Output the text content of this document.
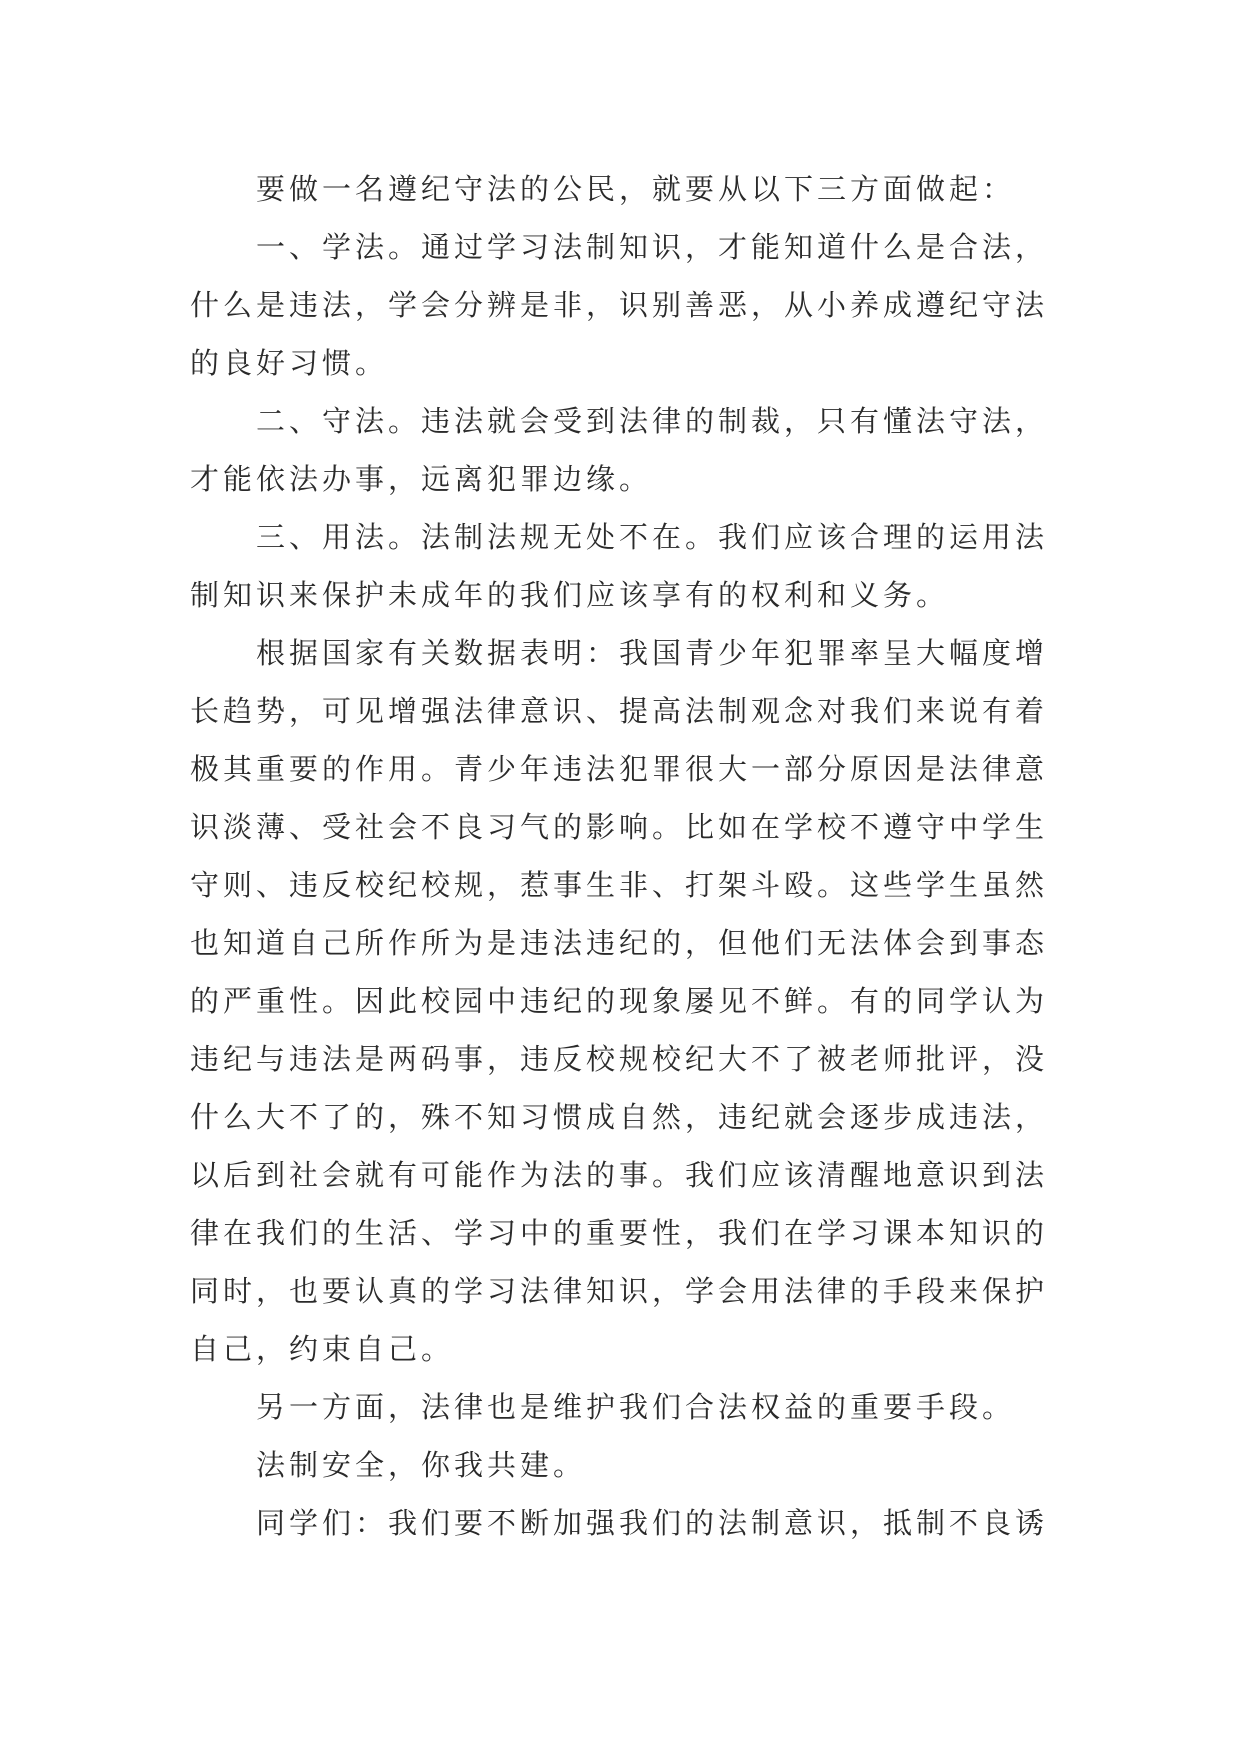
要做一名遵纪守法的公民，就要从以下三方面做起：

一、学法。通过学习法制知识，才能知道什么是合法，什么是违法，学会分辨是非，识别善恶，从小养成遵纪守法的良好习惯。

二、守法。违法就会受到法律的制裁，只有懂法守法，才能依法办事，远离犯罪边缘。

三、用法。法制法规无处不在。我们应该合理的运用法制知识来保护未成年的我们应该享有的权利和义务。

根据国家有关数据表明：我国青少年犯罪率呈大幅度增长趋势，可见增强法律意识、提高法制观念对我们来说有着极其重要的作用。青少年违法犯罪很大一部分原因是法律意识淡薄、受社会不良习气的影响。比如在学校不遵守中学生守则、违反校纪校规，惹事生非、打架斗殴。这些学生虽然也知道自己所作所为是违法违纪的，但他们无法体会到事态的严重性。因此校园中违纪的现象屡见不鲜。有的同学认为违纪与违法是两码事，违反校规校纪大不了被老师批评，没什么大不了的，殊不知习惯成自然，违纪就会逐步成违法，以后到社会就有可能作为法的事。我们应该清醒地意识到法律在我们的生活、学习中的重要性，我们在学习课本知识的同时，也要认真的学习法律知识，学会用法律的手段来保护自己，约束自己。

另一方面，法律也是维护我们合法权益的重要手段。

法制安全，你我共建。

同学们：我们要不断加强我们的法制意识，抵制不良诱
